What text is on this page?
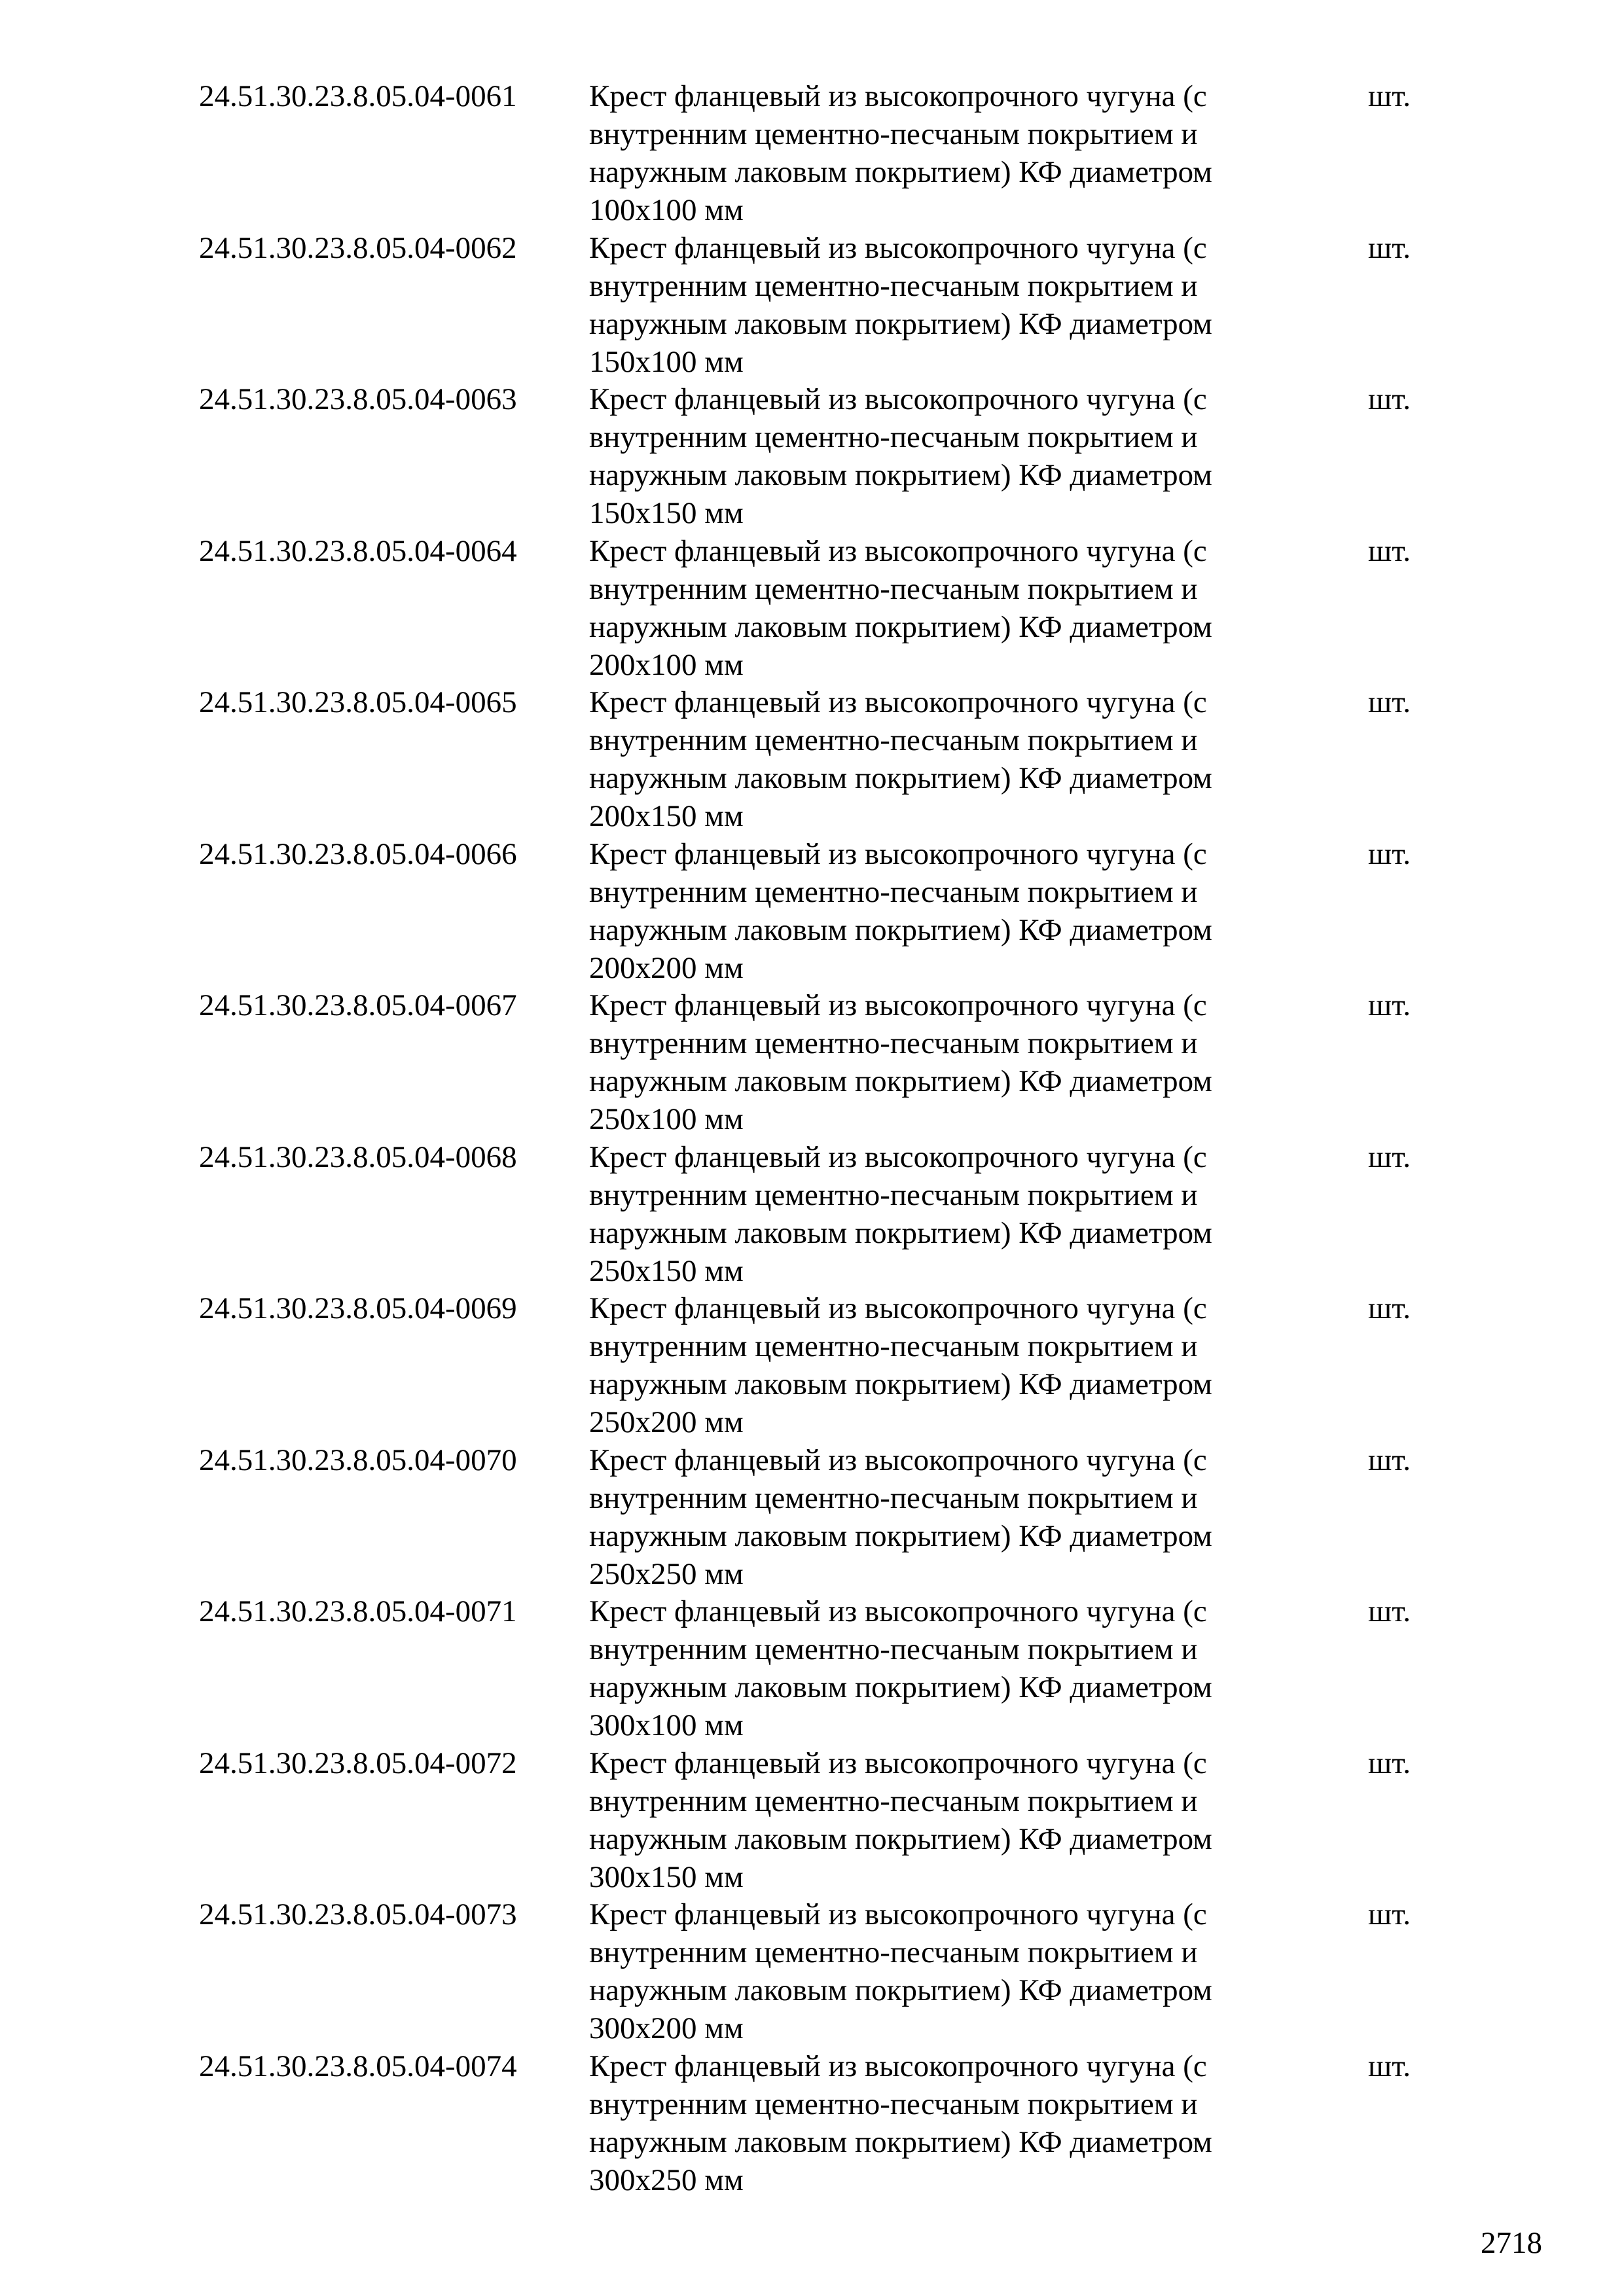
24.51.30.23.8.05.04-0061 Крест фланцевый из высокопрочного чугуна (с
внутренним цементно-песчаным покрытием и
наружным лаковым покрытием) КФ диаметром
100x100 мм
шт.
24.51.30.23.8.05.04-0062 Крест фланцевый из высокопрочного чугуна (с
внутренним цементно-песчаным покрытием и
наружным лаковым покрытием) КФ диаметром
150x100 мм
шт.
24.51.30.23.8.05.04-0063 Крест фланцевый из высокопрочного чугуна (с
внутренним цементно-песчаным покрытием и
наружным лаковым покрытием) КФ диаметром
150x150 мм
шт.
24.51.30.23.8.05.04-0064 Крест фланцевый из высокопрочного чугуна (с
внутренним цементно-песчаным покрытием и
наружным лаковым покрытием) КФ диаметром
200x100 мм
шт.
24.51.30.23.8.05.04-0065 Крест фланцевый из высокопрочного чугуна (с
внутренним цементно-песчаным покрытием и
наружным лаковым покрытием) КФ диаметром
200x150 мм
шт.
24.51.30.23.8.05.04-0066 Крест фланцевый из высокопрочного чугуна (с
внутренним цементно-песчаным покрытием и
наружным лаковым покрытием) КФ диаметром
200x200 мм
шт.
24.51.30.23.8.05.04-0067 Крест фланцевый из высокопрочного чугуна (с
внутренним цементно-песчаным покрытием и
наружным лаковым покрытием) КФ диаметром
250x100 мм
шт.
24.51.30.23.8.05.04-0068 Крест фланцевый из высокопрочного чугуна (с
внутренним цементно-песчаным покрытием и
наружным лаковым покрытием) КФ диаметром
250x150 мм
шт.
24.51.30.23.8.05.04-0069 Крест фланцевый из высокопрочного чугуна (с
внутренним цементно-песчаным покрытием и
наружным лаковым покрытием) КФ диаметром
250x200 мм
шт.
24.51.30.23.8.05.04-0070 Крест фланцевый из высокопрочного чугуна (с
внутренним цементно-песчаным покрытием и
наружным лаковым покрытием) КФ диаметром
250x250 мм
шт.
24.51.30.23.8.05.04-0071 Крест фланцевый из высокопрочного чугуна (с
внутренним цементно-песчаным покрытием и
наружным лаковым покрытием) КФ диаметром
300x100 мм
шт.
24.51.30.23.8.05.04-0072 Крест фланцевый из высокопрочного чугуна (с
внутренним цементно-песчаным покрытием и
наружным лаковым покрытием) КФ диаметром
300x150 мм
шт.
24.51.30.23.8.05.04-0073 Крест фланцевый из высокопрочного чугуна (с
внутренним цементно-песчаным покрытием и
наружным лаковым покрытием) КФ диаметром
300x200 мм
шт.
24.51.30.23.8.05.04-0074 Крест фланцевый из высокопрочного чугуна (с
внутренним цементно-песчаным покрытием и
наружным лаковым покрытием) КФ диаметром
300x250 мм
шт.
2718
